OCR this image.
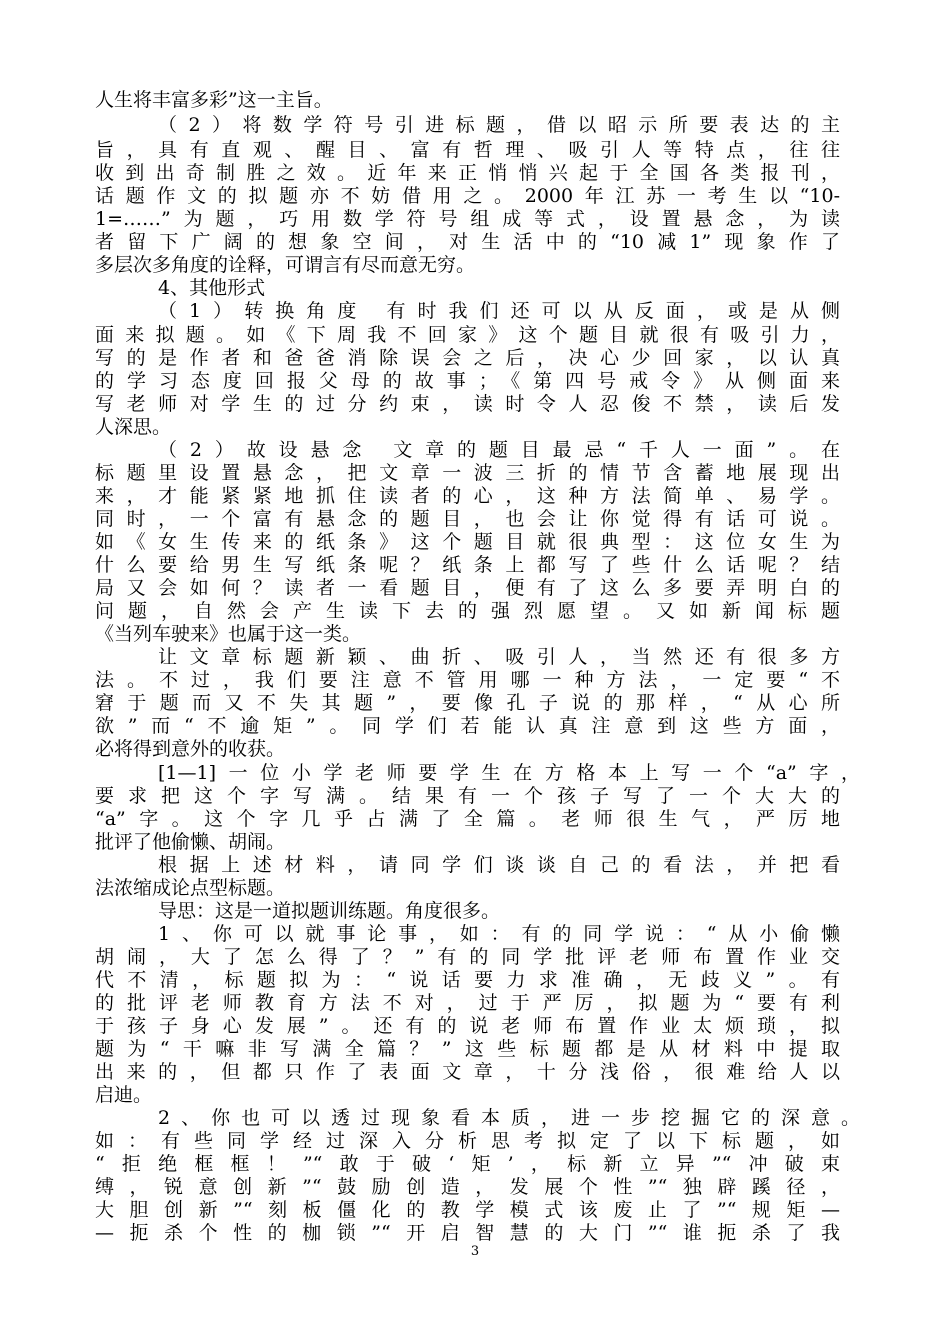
人生将丰富多彩”这一主旨。
（2）将数学符号引进标题，借以昭示所要表达的主
旨，具有直观、醒目、富有哲理、吸引人等特点，往往
收到出奇制胜之效。近年来正悄悄兴起于全国各类报刊，
话题作文的拟题亦不妨借用之。2000年江苏一考生以“10-
1=……”为题，巧用数学符号组成等式，设置悬念，为读
者留下广阔的想象空间，对生活中的“10减1”现象作了
多层次多角度的诠释，可谓言有尽而意无穷。
4、其他形式
（1）转换角度 有时我们还可以从反面，或是从侧
面来拟题。如《下周我不回家》这个题目就很有吸引力，
写的是作者和爸爸消除误会之后，决心少回家，以认真
的学习态度回报父母的故事；《第四号戒令》从侧面来
写老师对学生的过分约束，读时令人忍俊不禁，读后发
人深思。
（2）故设悬念 文章的题目最忌“千人一面”。在
标题里设置悬念，把文章一波三折的情节含蓄地展现出
来，才能紧紧地抓住读者的心，这种方法简单、易学。
同时，一个富有悬念的题目，也会让你觉得有话可说。
如《女生传来的纸条》这个题目就很典型：这位女生为
什么要给男生写纸条呢？纸条上都写了些什么话呢？结
局又会如何？读者一看题目，便有了这么多要弄明白的
问题，自然会产生读下去的强烈愿望。又如新闻标题
《当列车驶来》也属于这一类。
让文章标题新颖、曲折、吸引人，当然还有很多方
法。不过，我们要注意不管用哪一种方法，一定要“不
窘于题而又不失其题”，要像孔子说的那样，“从心所
欲”而“不逾矩”。同学们若能认真注意到这些方面，
必将得到意外的收获。
[1—1]一位小学老师要学生在方格本上写一个“a”字，
要求把这个字写满。结果有一个孩子写了一个大大的
“a”字。这个字几乎占满了全篇。老师很生气，严厉地
批评了他偷懒、胡闹。
根据上述材料，请同学们谈谈自己的看法，并把看
法浓缩成论点型标题。
导思：这是一道拟题训练题。角度很多。
1、你可以就事论事，如：有的同学说：“从小偷懒
胡闹，大了怎么得了？”有的同学批评老师布置作业交
代不清，标题拟为：“说话要力求准确，无歧义”。有
的批评老师教育方法不对，过于严厉，拟题为“要有利
于孩子身心发展”。还有的说老师布置作业太烦琐，拟
题为“干嘛非写满全篇？”这些标题都是从材料中提取
出来的，但都只作了表面文章，十分浅俗，很难给人以
启迪。
2、你也可以透过现象看本质，进一步挖掘它的深意。
如：有些同学经过深入分析思考拟定了以下标题，如
“拒绝框框！”“敢于破‘矩’，标新立异”“冲破束
缚，锐意创新”“鼓励创造，发展个性”“独辟蹊径，
大胆创新”“刻板僵化的教学模式该废止了”“规矩—
—扼杀个性的枷锁”“开启智慧的大门”“谁扼杀了我
3
